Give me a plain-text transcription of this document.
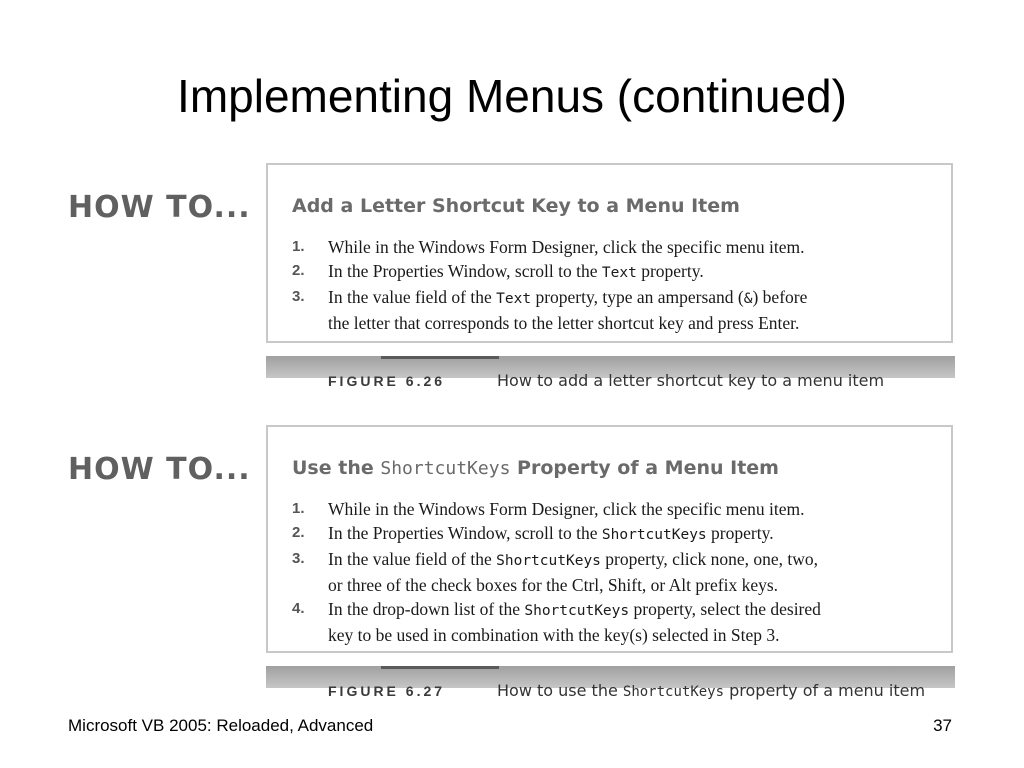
Implementing Menus (continued)
HOW TO... Add a Letter Shortcut Key to a Menu Item
1. While in the Windows Form Designer, click the specific menu item.
2. In the Properties Window, scroll to the Text property.
3. In the value field of the Text property, type an ampersand (&) before
the letter that corresponds to the letter shortcut key and press Enter.
FIGURE 6.26	How to add a letter shortcut key to a menu item
HOW TO... Use the ShortcutKeys Property of a Menu Item
1. While in the Windows Form Designer, click the specific menu item.
2. In the Properties Window, scroll to the ShortcutKeys property.
3. In the value field of the ShortcutKeys property, click none, one, two,
or three of the check boxes for the Ctrl, Shift, or Alt prefix keys.
4. In the drop-down list of the ShortcutKeys property, select the desired
key to be used in combination with the key(s) selected in Step 3.
FIGURE 6.27	How to use the ShortcutKeys property of a menu item
Microsoft VB 2005: Reloaded, Advanced	37
